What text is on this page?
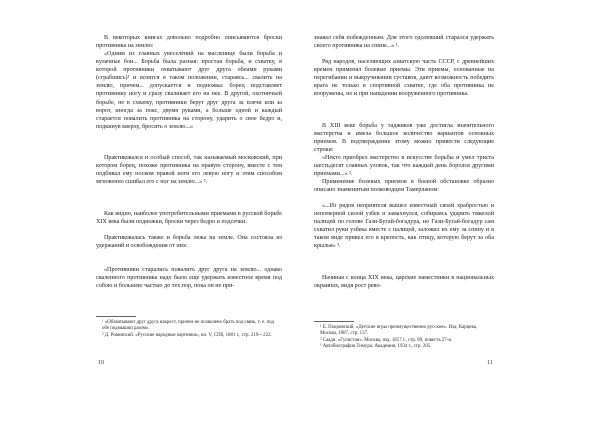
В некоторых книгах довольно подробно описываются броски противника на землю:

«Одним из главных увеселений на масленице были борьба и кулачные бои... Борьба была разная: простая борьба, и схватку, в которой противники охватывают друг друга обеими руками (сграбшись)¹ и возятся в таком положении, стараясь... свалить на землю, причем... допускается и подножка: борец подставляет противнику ногу и сразу сваливает его на нее. В другой, охотничьей борьбе, не в схватку, противники берут друг друга за плечи или за ворот, иногда за пояс, двумя руками, а больше одной и каждый старается повалить противника на сторону, ударить о свое бедро и, подкинув кверху, бросить о землю...»

Практиковался и особый способ, так называемый московский, при котором борец, похоже противника на правую сторону, вместе с тем подбивал ему носком правой ноги его левую ногу и этим способом мгновенно сшибал его с ног на землю...» ².

Как видно, наиболее употребительными приемами в русской борьбе XIX века были подножки, броски через бедро и подсечки.

Практиковалась также и борьба лежа на земле. Она состояла из удержаний и освобождения от них:

«Противники старались повалить друг друга на землю... однако сваленного противника надо было еще удержать известное время под собою и большею частью до тех пор, пока он не при-

¹ «Обхватывают друг друга накрест, причем не позволено брать под связь, т. е. под обе подмышки разом».

² Д. Ровинский. «Русские народные картинки», кн. V, СПб, 1881 г., стр. 219—222.

знавал себя побежденным. Для этого одолевший старался удержать своего противника на спине...» ¹.

Ряд народов, населяющих азиатскую часть СССР, с древнейших времен применял болевые приемы. Эти приемы, основанные на перегибании и выкручивании суставов, дают возможность победить врага не только в спортивной схватке, где оба противника не вооружены, но и при нападении вооруженного противника.

В XIII веке борьба у таджиков уже достигла значительного мастерства и имела большое количество вариантов основных приемов. В подтверждение этому можно привести следующие строки:

«Некто приобрел мастерство в искусстве борьбы и умел триста шестьдесят славных уловок, так что каждый день боролся другими приемами...» ².

Применение болевых приемов в боевой обстановке образно описано знаменитым полководцем Тамерланом:

«...Из рядов неприятеля вышел известный своей храбростью и непомерной силой узбек и замахнулся, собираясь ударить тяжелой палицей по голове Гази-Бугай-богадура, но Гази-Бугай-богадур сам схватил руки узбека вместе с палицей, заложил их ему за спину и в таком виде привел его в крепость, как птицу, которую берут за оба крылья» ³.

Начиная с конца XIX века, царские наместники в национальных окраинах, видя рост рево-

¹ Е. Покровский. «Детские игры преимущественно русские». Изд. Карцева, Москва, 1887, стр. 137.

² Саади. «Гулистан». Москва, изд. 1857 г., стр. 89, повесть 27-я.

³ Автобиография Тимура. Академия, 1934 г., стр. 205.

10	11
